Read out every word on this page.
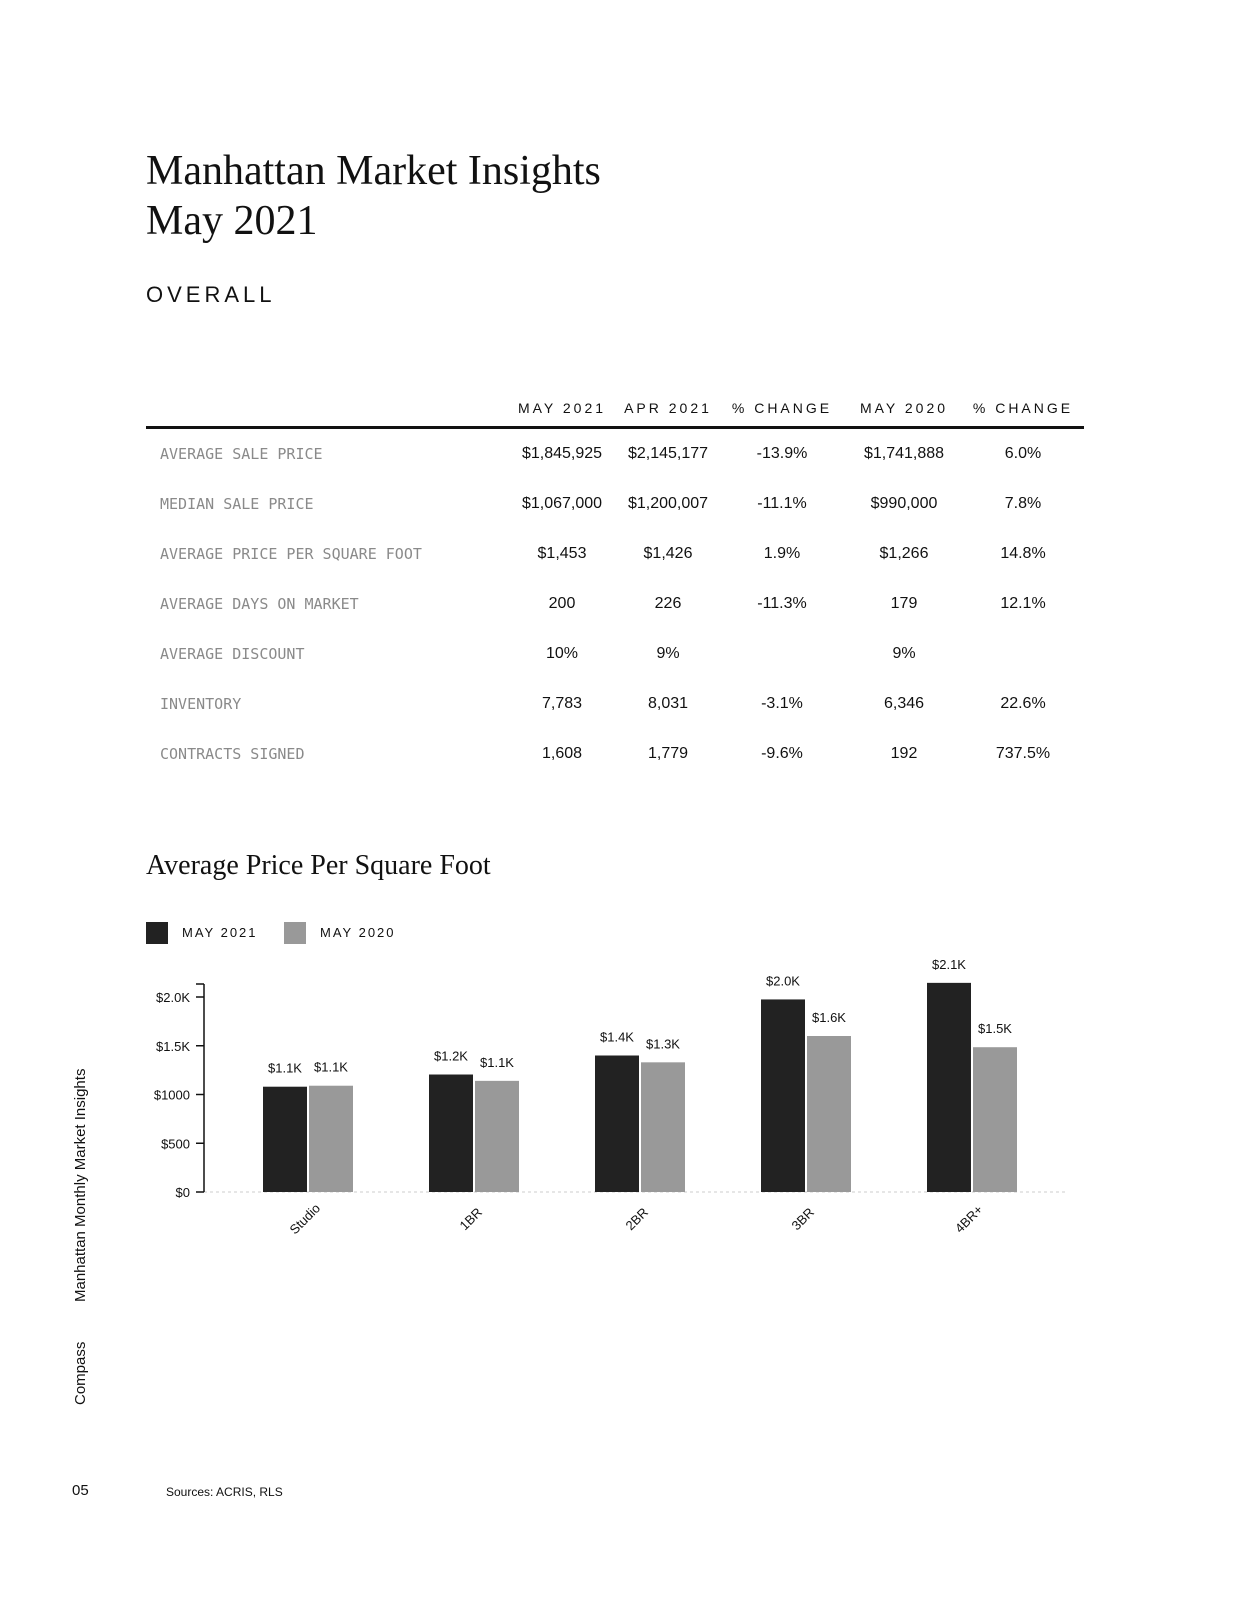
Manhattan Market Insights
May 2021
OVERALL
	MAY 2021	APR 2021	% CHANGE	MAY 2020	% CHANGE
AVERAGE SALE PRICE	$1,845,925	$2,145,177	-13.9%	$1,741,888	6.0%
MEDIAN SALE PRICE	$1,067,000	$1,200,007	-11.1%	$990,000	7.8%
AVERAGE PRICE PER SQUARE FOOT	$1,453	$1,426	1.9%	$1,266	14.8%
AVERAGE DAYS ON MARKET	200	226	-11.3%	179	12.1%
AVERAGE DISCOUNT	10%	9%		9%	
INVENTORY	7,783	8,031	-3.1%	6,346	22.6%
CONTRACTS SIGNED	1,608	1,779	-9.6%	192	737.5%
Average Price Per Square Foot
MAY 2021	MAY 2020
$0
$500
$1000
$1.5K
$2.0K
$1.1K $1.1K
Studio
$1.2K $1.1K
1BR
$1.4K $1.3K
2BR
$2.0K
$1.6K
3BR
$2.1K
$1.5K
4BR+
Manhattan Monthly Market Insights
Compass
05	Sources: ACRIS, RLS
